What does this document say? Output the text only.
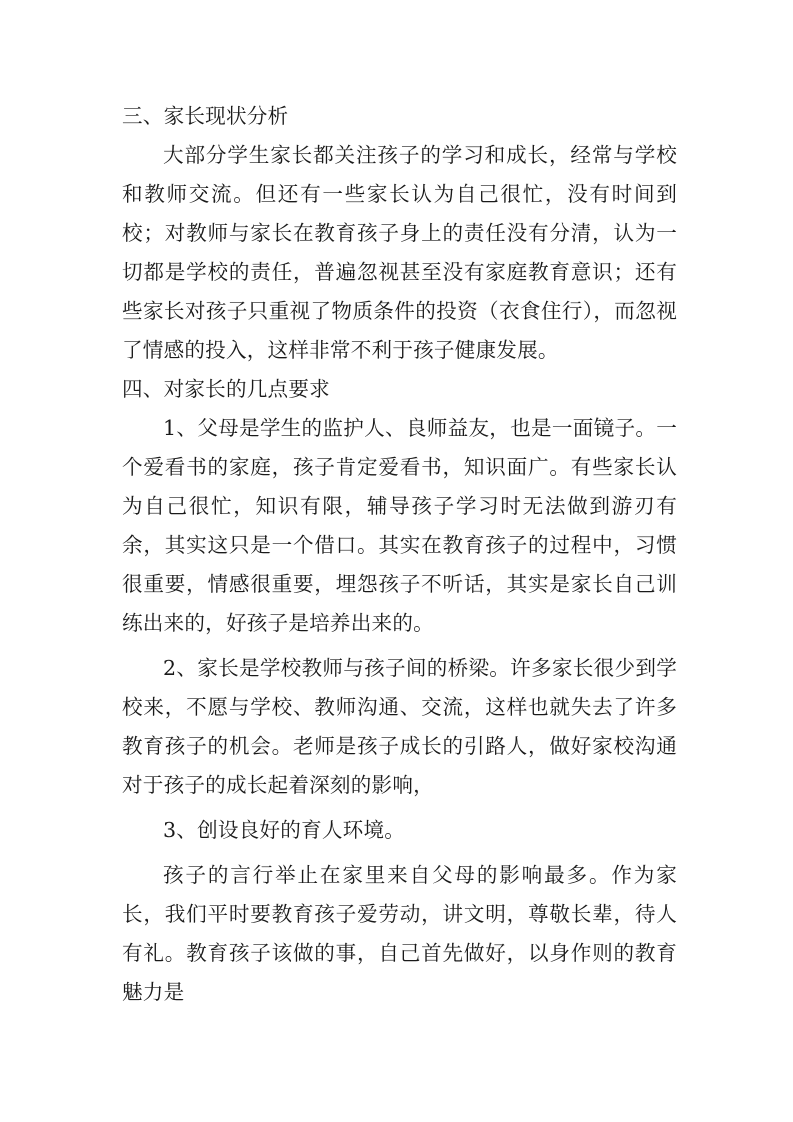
三、家长现状分析

大部分学生家长都关注孩子的学习和成长，经常与学校和教师交流。但还有一些家长认为自己很忙，没有时间到校；对教师与家长在教育孩子身上的责任没有分清，认为一切都是学校的责任，普遍忽视甚至没有家庭教育意识；还有些家长对孩子只重视了物质条件的投资（衣食住行），而忽视了情感的投入，这样非常不利于孩子健康发展。

四、对家长的几点要求

1、父母是学生的监护人、良师益友，也是一面镜子。一个爱看书的家庭，孩子肯定爱看书，知识面广。有些家长认为自己很忙，知识有限，辅导孩子学习时无法做到游刃有余，其实这只是一个借口。其实在教育孩子的过程中，习惯很重要，情感很重要，埋怨孩子不听话，其实是家长自己训练出来的，好孩子是培养出来的。

2、家长是学校教师与孩子间的桥梁。许多家长很少到学校来，不愿与学校、教师沟通、交流，这样也就失去了许多教育孩子的机会。老师是孩子成长的引路人，做好家校沟通对于孩子的成长起着深刻的影响，

3、创设良好的育人环境。

孩子的言行举止在家里来自父母的影响最多。作为家长，我们平时要教育孩子爱劳动，讲文明，尊敬长辈，待人有礼。教育孩子该做的事，自己首先做好，以身作则的教育魅力是
